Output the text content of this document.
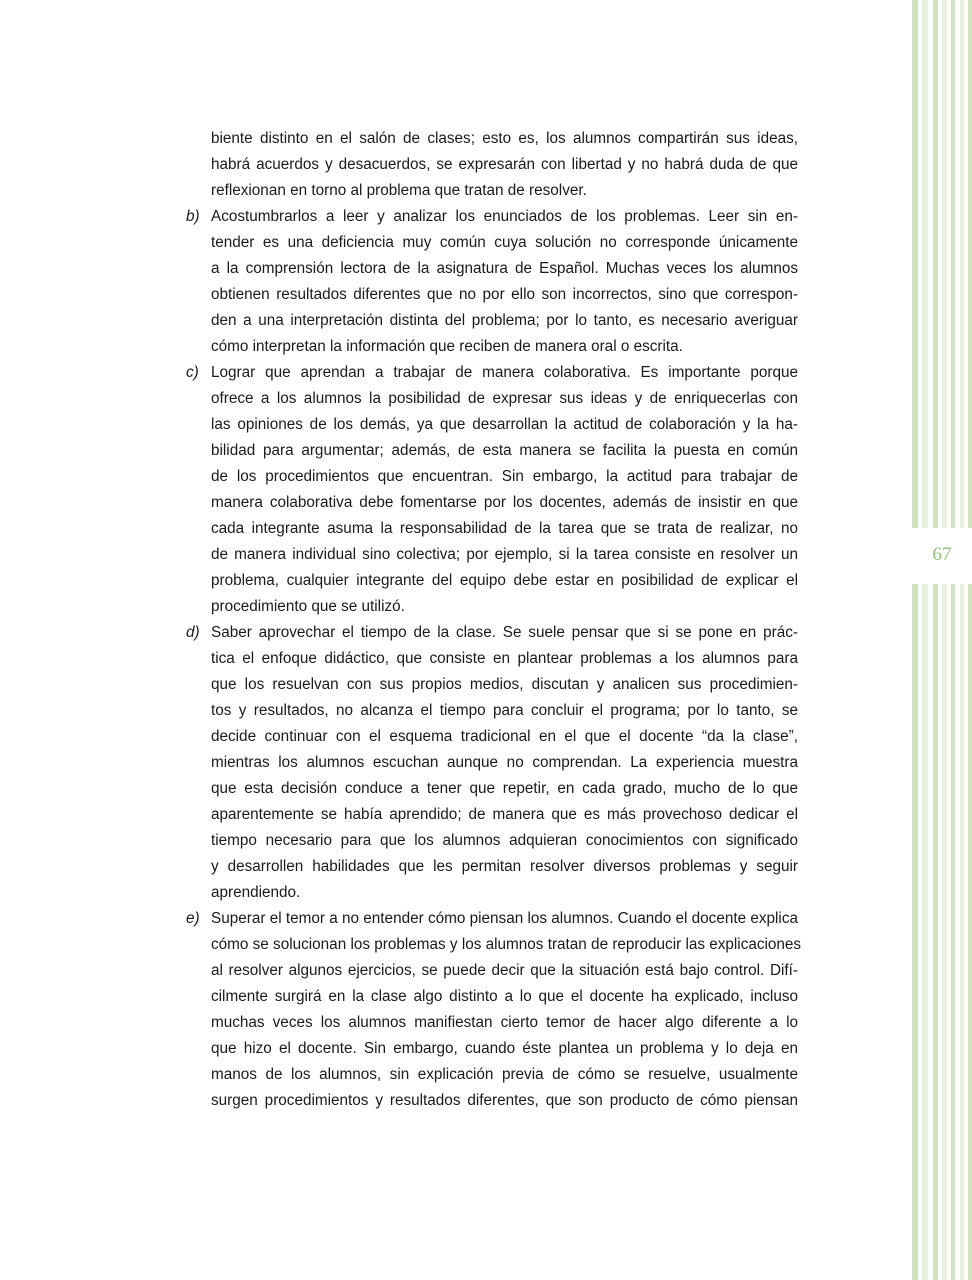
67
biente distinto en el salón de clases; esto es, los alumnos compartirán sus ideas,
habrá acuerdos y desacuerdos, se expresarán con libertad y no habrá duda de que
reflexionan en torno al problema que tratan de resolver.
b) Acostumbrarlos a leer y analizar los enunciados de los problemas. Leer sin en-
tender es una deficiencia muy común cuya solución no corresponde únicamente
a la comprensión lectora de la asignatura de Español. Muchas veces los alumnos
obtienen resultados diferentes que no por ello son incorrectos, sino que correspon-
den a una interpretación distinta del problema; por lo tanto, es necesario averiguar
cómo interpretan la información que reciben de manera oral o escrita.
c) Lograr que aprendan a trabajar de manera colaborativa. Es importante porque
ofrece a los alumnos la posibilidad de expresar sus ideas y de enriquecerlas con
las opiniones de los demás, ya que desarrollan la actitud de colaboración y la ha-
bilidad para argumentar; además, de esta manera se facilita la puesta en común
de los procedimientos que encuentran. Sin embargo, la actitud para trabajar de
manera colaborativa debe fomentarse por los docentes, además de insistir en que
cada integrante asuma la responsabilidad de la tarea que se trata de realizar, no
de manera individual sino colectiva; por ejemplo, si la tarea consiste en resolver un
problema, cualquier integrante del equipo debe estar en posibilidad de explicar el
procedimiento que se utilizó.
d) Saber aprovechar el tiempo de la clase. Se suele pensar que si se pone en prác-
tica el enfoque didáctico, que consiste en plantear problemas a los alumnos para
que los resuelvan con sus propios medios, discutan y analicen sus procedimien-
tos y resultados, no alcanza el tiempo para concluir el programa; por lo tanto, se
decide continuar con el esquema tradicional en el que el docente “da la clase”,
mientras los alumnos escuchan aunque no comprendan. La experiencia muestra
que esta decisión conduce a tener que repetir, en cada grado, mucho de lo que
aparentemente se había aprendido; de manera que es más provechoso dedicar el
tiempo necesario para que los alumnos adquieran conocimientos con significado
y desarrollen habilidades que les permitan resolver diversos problemas y seguir
aprendiendo.
e) Superar el temor a no entender cómo piensan los alumnos. Cuando el docente explica
cómo se solucionan los problemas y los alumnos tratan de reproducir las explicaciones
al resolver algunos ejercicios, se puede decir que la situación está bajo control. Difí-
cilmente surgirá en la clase algo distinto a lo que el docente ha explicado, incluso
muchas veces los alumnos manifiestan cierto temor de hacer algo diferente a lo
que hizo el docente. Sin embargo, cuando éste plantea un problema y lo deja en
manos de los alumnos, sin explicación previa de cómo se resuelve, usualmente
surgen procedimientos y resultados diferentes, que son producto de cómo piensan
